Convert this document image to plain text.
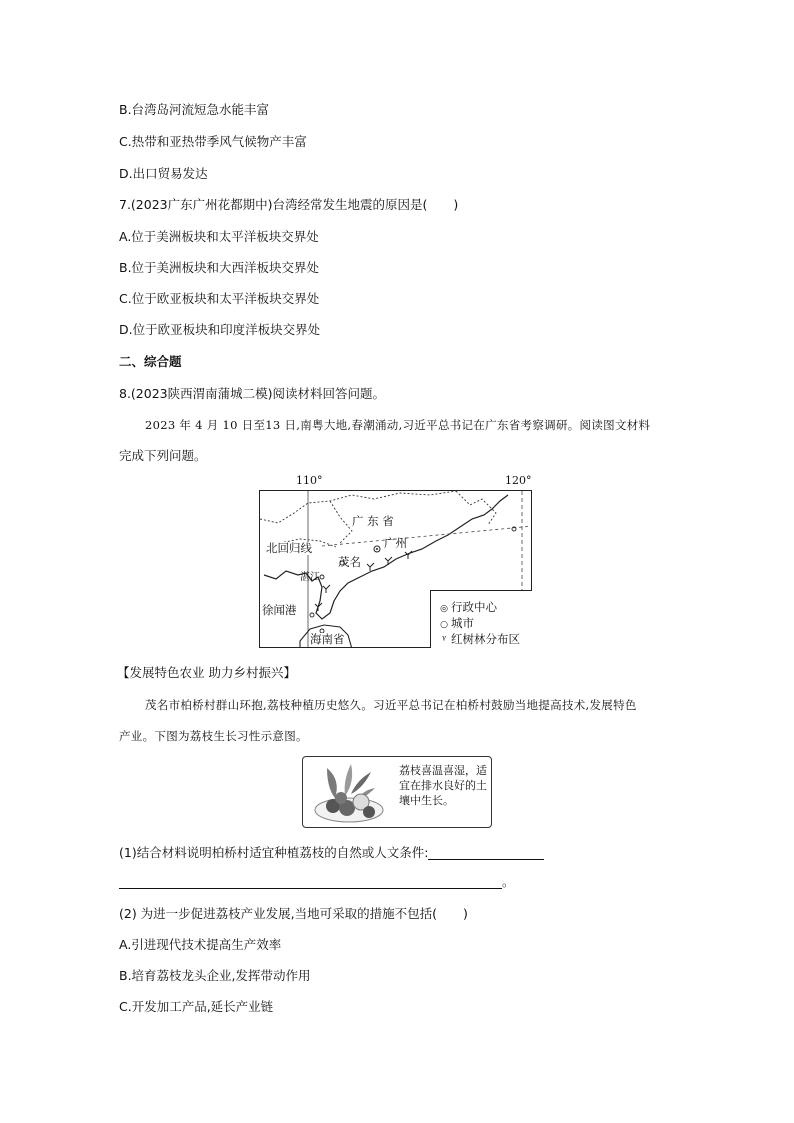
B.台湾岛河流短急水能丰富
C.热带和亚热带季风气候物产丰富
D.出口贸易发达
7.(2023广东广州花都期中)台湾经常发生地震的原因是( )
A.位于美洲板块和太平洋板块交界处
B.位于美洲板块和大西洋板块交界处
C.位于欧亚板块和太平洋板块交界处
D.位于欧亚板块和印度洋板块交界处
二、综合题
8.(2023陕西渭南蒲城二模)阅读材料回答问题。
2023 年 4 月 10 日至13 日,南粤大地,春潮涌动,习近平总书记在广东省考察调研。阅读图文材料
完成下列问题。
110°	120°
广 东 省
广州
北回归线
茂名
湛江
徐闻港
海南省
◎ 行政中心
○ 城市
ᵞ 红树林分布区
【发展特色农业 助力乡村振兴】
茂名市柏桥村群山环抱,荔枝种植历史悠久。习近平总书记在柏桥村鼓励当地提高技术,发展特色
产业。下图为荔枝生长习性示意图。
荔枝喜温喜湿，适宜在排水良好的土壤中生长。
(1)结合材料说明柏桥村适宜种植荔枝的自然或人文条件:
。
(2) 为进一步促进荔枝产业发展,当地可采取的措施不包括( )
A.引进现代技术提高生产效率
B.培育荔枝龙头企业,发挥带动作用
C.开发加工产品,延长产业链
